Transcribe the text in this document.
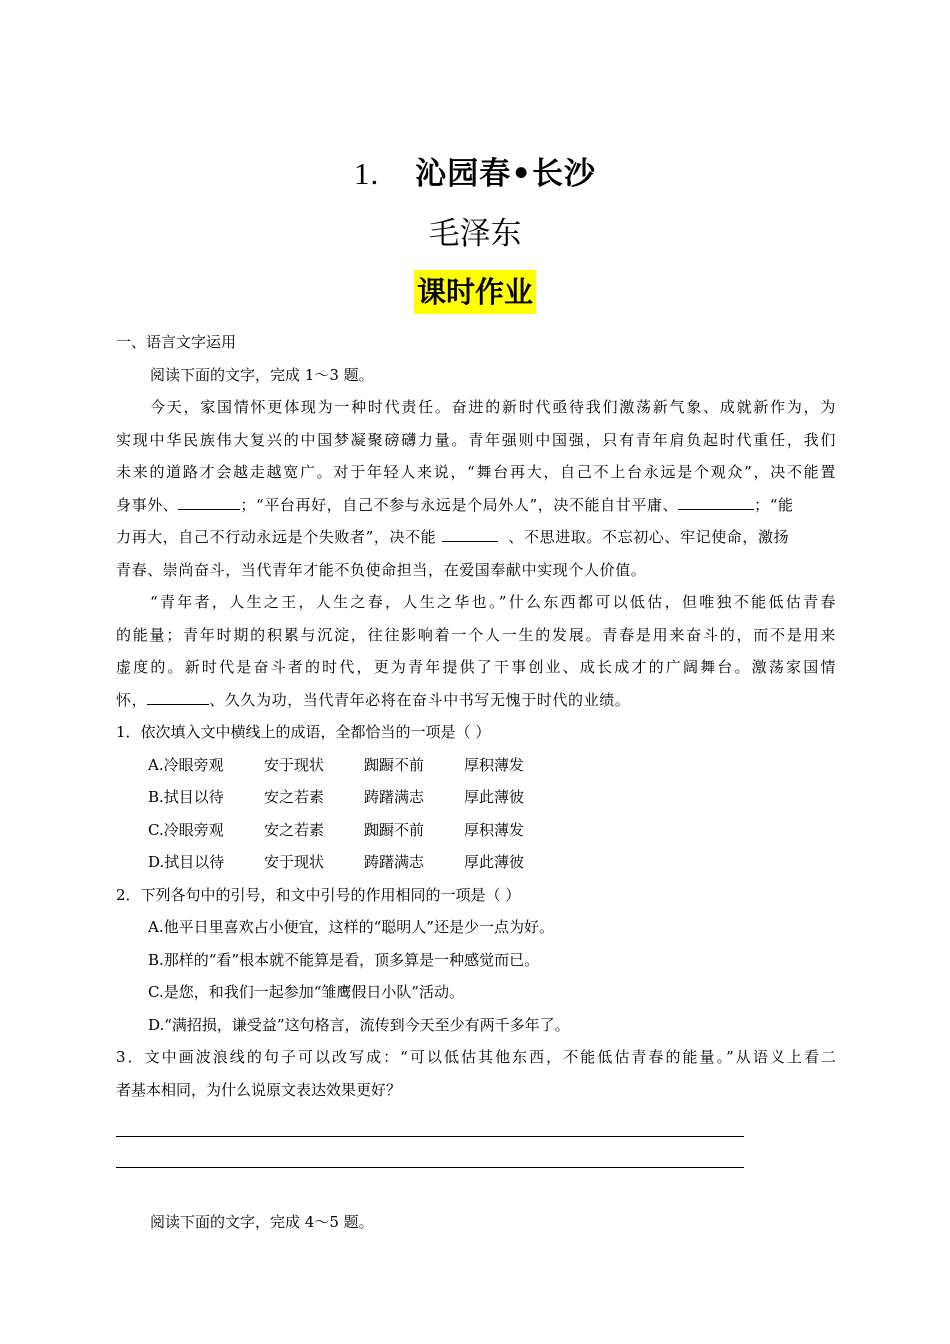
1. 沁园春•长沙
毛泽东
课时作业
一、语言文字运用
阅读下面的文字，完成 1～3 题。
今天，家国情怀更体现为一种时代责任。奋进的新时代亟待我们激荡新气象、成就新作为，为
实现中华民族伟大复兴的中国梦凝聚磅礴力量。青年强则中国强，只有青年肩负起时代重任，我们
未来的道路才会越走越宽广。对于年轻人来说，“舞台再大，自己不上台永远是个观众”，决不能置
身事外、	；“平台再好，自己不参与永远是个局外人”，决不能自甘平庸、	；“能
力再大，自己不行动永远是个失败者”，决不能	、不思进取。不忘初心、牢记使命，激扬
青春、崇尚奋斗，当代青年才能不负使命担当，在爱国奉献中实现个人价值。
“青年者，人生之王，人生之春，人生之华也。”什么东西都可以低估，但唯独不能低估青春
的能量；青年时期的积累与沉淀，往往影响着一个人一生的发展。青春是用来奋斗的，而不是用来
虚度的。新时代是奋斗者的时代，更为青年提供了干事创业、成长成才的广阔舞台。激荡家国情
怀，	、久久为功，当代青年必将在奋斗中书写无愧于时代的业绩。
1．依次填入文中横线上的成语，全都恰当的一项是（ ）
A.冷眼旁观	安于现状	踟蹰不前	厚积薄发
B.拭目以待	安之若素	踌躇满志	厚此薄彼
C.冷眼旁观	安之若素	踟蹰不前	厚积薄发
D.拭目以待	安于现状	踌躇满志	厚此薄彼
2．下列各句中的引号，和文中引号的作用相同的一项是（ ）
A.他平日里喜欢占小便宜，这样的“聪明人”还是少一点为好。
B.那样的“看”根本就不能算是看，顶多算是一种感觉而已。
C.是您，和我们一起参加“雏鹰假日小队”活动。
D.“满招损，谦受益”这句格言，流传到今天至少有两千多年了。
3．文中画波浪线的句子可以改写成：“可以低估其他东西，不能低估青春的能量。”从语义上看二
者基本相同，为什么说原文表达效果更好？
阅读下面的文字，完成 4～5 题。
